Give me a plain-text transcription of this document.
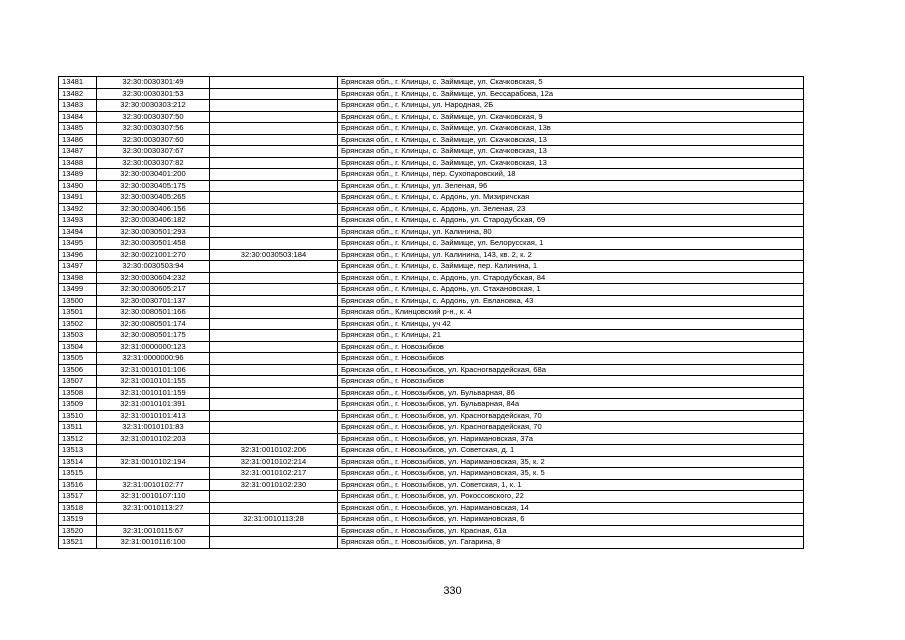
13481	32:30:0030301:49		Брянская обл., г. Клинцы, с. Займище, ул. Скачковская, 5
13482	32:30:0030301:53		Брянская обл., г. Клинцы, с. Займище, ул. Бессарабова, 12а
13483	32:30:0030303:212		Брянская обл., г. Клинцы, ул. Народная, 2Б
13484	32:30:0030307:50		Брянская обл., г. Клинцы, с. Займище, ул. Скачковская, 9
13485	32:30:0030307:56		Брянская обл., г. Клинцы, с. Займище, ул. Скачковская, 13в
13486	32:30:0030307:60		Брянская обл., г. Клинцы, с. Займище, ул. Скачковская, 13
13487	32:30:0030307:67		Брянская обл., г. Клинцы, с. Займище, ул. Скачковская, 13
13488	32:30:0030307:82		Брянская обл., г. Клинцы, с. Займище, ул. Скачковская, 13
13489	32:30:0030401:200		Брянская обл., г. Клинцы, пер. Сухопаровский, 18
13490	32:30:0030405:175		Брянская обл., г. Клинцы, ул. Зеленая, 96
13491	32:30:0030405:265		Брянская обл., г. Клинцы, с. Ардонь, ул. Мизиричская
13492	32:30:0030406:156		Брянская обл., г. Клинцы, с. Ардонь, ул. Зеленая, 23
13493	32:30:0030406:182		Брянская обл., г. Клинцы, с. Ардонь, ул. Стародубская, 69
13494	32:30:0030501:293		Брянская обл., г. Клинцы, ул. Калинина, 80
13495	32:30:0030501:458		Брянская обл., г. Клинцы, с. Займище, ул. Белорусская, 1
13496	32:30:0021001:270	32:30:0030503:184	Брянская обл., г. Клинцы, ул. Калинина, 143, кв. 2, к. 2
13497	32:30:0030503:94		Брянская обл., г. Клинцы, с. Займище, пер. Калинина, 1
13498	32:30:0030604:232		Брянская обл., г. Клинцы, с. Ардонь, ул. Стародубская, 84
13499	32:30:0030605:217		Брянская обл., г. Клинцы, с. Ардонь, ул. Стахановская, 1
13500	32:30:0030701:137		Брянская обл., г. Клинцы, с. Ардонь, ул. Евлановка, 43
13501	32:30:0080501:166		Брянская обл., Клинцовский р-н., к. 4
13502	32:30:0080501:174		Брянская обл., г. Клинцы, уч 42
13503	32:30:0080501:175		Брянская обл., г. Клинцы, 21
13504	32:31:0000000:123		Брянская обл., г. Новозыбков
13505	32:31:0000000:96		Брянская обл., г. Новозыбков
13506	32:31:0010101:106		Брянская обл., г. Новозыбков, ул. Красногвардейская, 68а
13507	32:31:0010101:155		Брянская обл., г. Новозыбков
13508	32:31:0010101:159		Брянская обл., г. Новозыбков, ул. Бульварная, 86
13509	32:31:0010101:391		Брянская обл., г. Новозыбков, ул. Бульварная, 84а
13510	32:31:0010101:413		Брянская обл., г. Новозыбков, ул. Красногвардейская, 70
13511	32:31:0010101:83		Брянская обл., г. Новозыбков, ул. Красногвардейская, 70
13512	32:31:0010102:203		Брянская обл., г. Новозыбков, ул. Наримановская, 37а
13513		32:31:0010102:206	Брянская обл., г. Новозыбков, ул. Советская, д. 1
13514	32:31:0010102:194	32:31:0010102:214	Брянская обл., г. Новозыбков, ул. Наримановская, 35, к. 2
13515		32:31:0010102:217	Брянская обл., г. Новозыбков, ул. Наримановская, 35, к. 5
13516	32:31:0010102:77	32:31:0010102:230	Брянская обл., г. Новозыбков, ул. Советская, 1, к. 1
13517	32:31:0010107:110		Брянская обл., г. Новозыбков, ул. Рокоссовского, 22
13518	32:31:0010113:27		Брянская обл., г. Новозыбков, ул. Наримановская, 14
13519		32:31:0010113:28	Брянская обл., г. Новозыбков, ул. Наримановская, 6
13520	32:31:0010115:67		Брянская обл., г. Новозыбков, ул. Красная, 61а
13521	32:31:0010116:100		Брянская обл., г. Новозыбков, ул. Гагарина, 8
330
